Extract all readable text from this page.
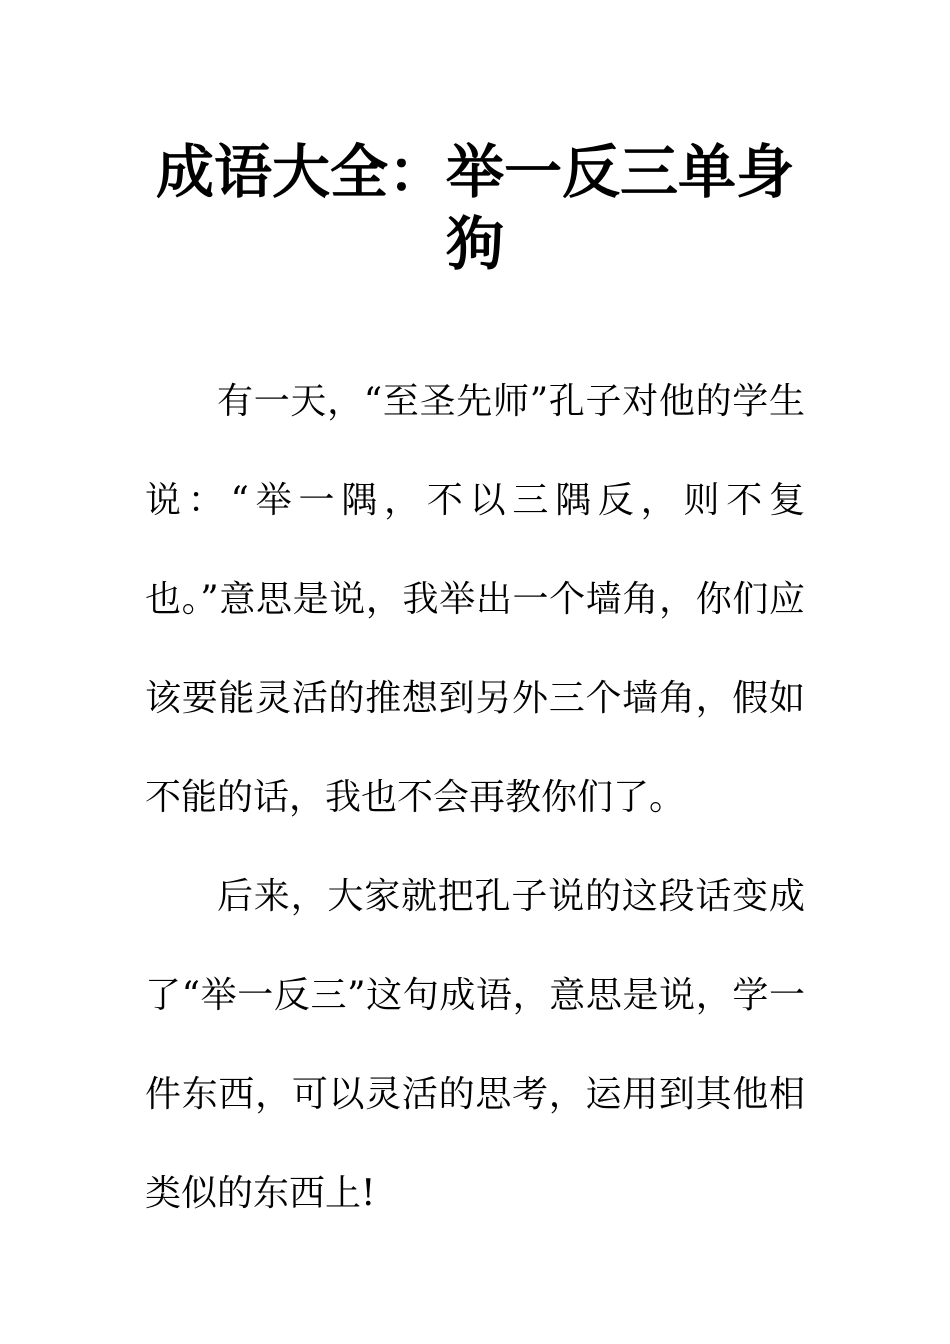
成语大全：举一反三单身狗

有一天，“至圣先师”孔子对他的学生说：“举一隅，不以三隅反，则不复也。”意思是说，我举出一个墙角，你们应该要能灵活的推想到另外三个墙角，假如不能的话，我也不会再教你们了。

后来，大家就把孔子说的这段话变成了“举一反三”这句成语，意思是说，学一件东西，可以灵活的思考，运用到其他相类似的东西上!
